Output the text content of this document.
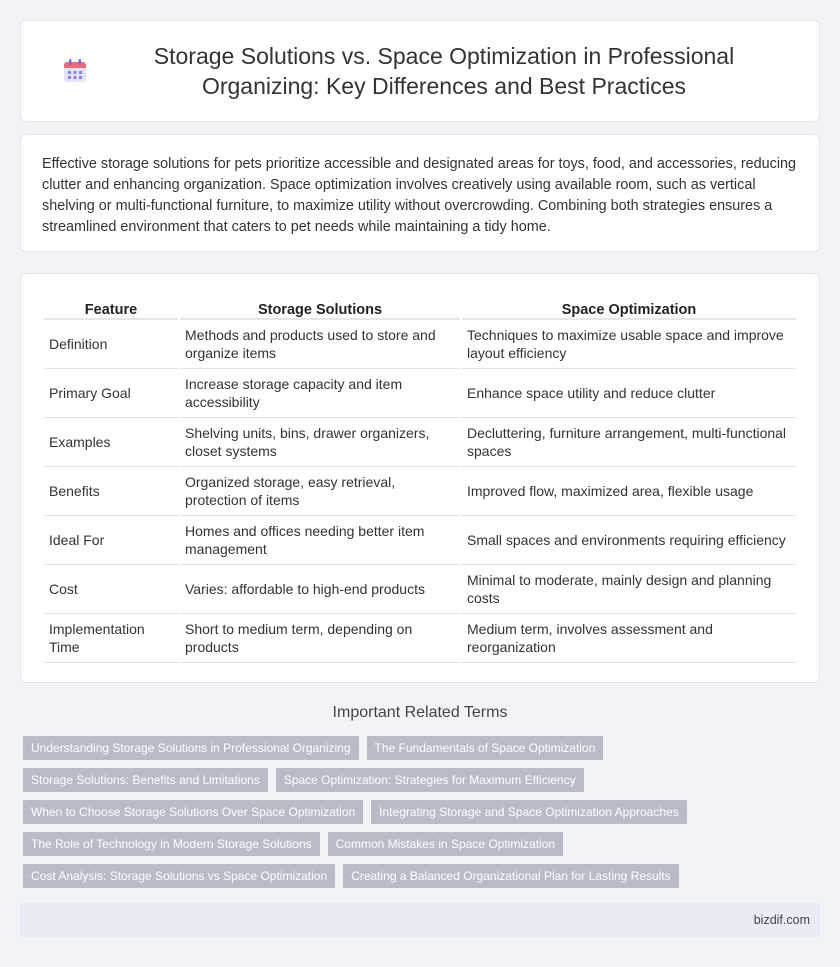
Storage Solutions vs. Space Optimization in Professional Organizing: Key Differences and Best Practices

Effective storage solutions for pets prioritize accessible and designated areas for toys, food, and accessories, reducing clutter and enhancing organization. Space optimization involves creatively using available room, such as vertical shelving or multi-functional furniture, to maximize utility without overcrowding. Combining both strategies ensures a streamlined environment that caters to pet needs while maintaining a tidy home.

Feature	Storage Solutions	Space Optimization
Definition	Methods and products used to store and organize items	Techniques to maximize usable space and improve layout efficiency
Primary Goal	Increase storage capacity and item accessibility	Enhance space utility and reduce clutter
Examples	Shelving units, bins, drawer organizers, closet systems	Decluttering, furniture arrangement, multi-functional spaces
Benefits	Organized storage, easy retrieval, protection of items	Improved flow, maximized area, flexible usage
Ideal For	Homes and offices needing better item management	Small spaces and environments requiring efficiency
Cost	Varies: affordable to high-end products	Minimal to moderate, mainly design and planning costs
Implementation Time	Short to medium term, depending on products	Medium term, involves assessment and reorganization
Important Related Terms
Understanding Storage Solutions in Professional Organizing	The Fundamentals of Space Optimization
Storage Solutions: Benefits and Limitations	Space Optimization: Strategies for Maximum Efficiency
When to Choose Storage Solutions Over Space Optimization	Integrating Storage and Space Optimization Approaches
The Role of Technology in Modern Storage Solutions	Common Mistakes in Space Optimization
Cost Analysis: Storage Solutions vs Space Optimization	Creating a Balanced Organizational Plan for Lasting Results
bizdif.com
